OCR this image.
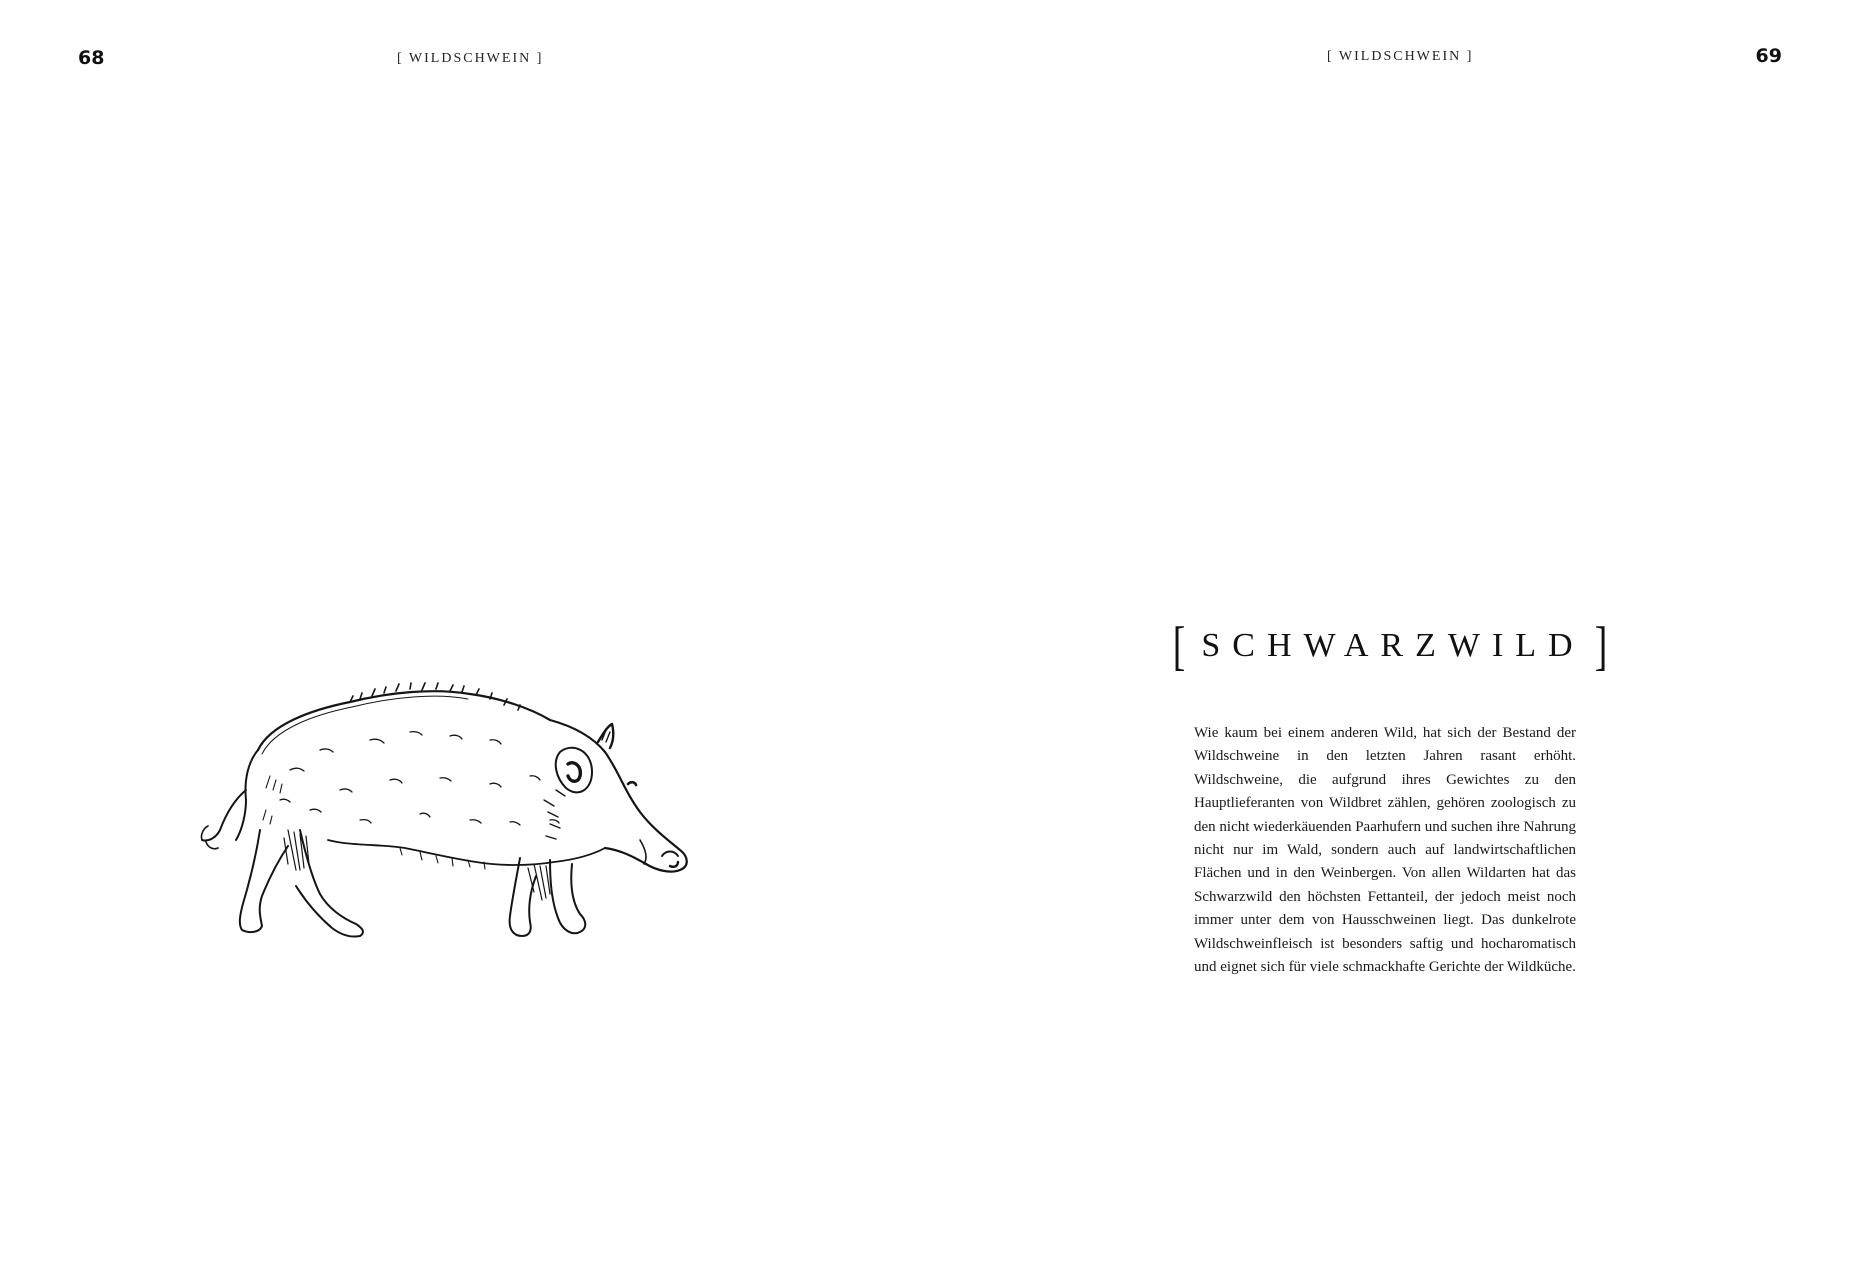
68	[ WILDSCHWEIN ]	[ WILDSCHWEIN ]	69
[ SCHWARZWILD ]

Wie kaum bei einem anderen Wild, hat sich der Bestand der Wildschweine in den letzten Jahren rasant erhöht. Wildschweine, die aufgrund ihres Gewichtes zu den Hauptlieferanten von Wildbret zählen, gehören zoologisch zu den nicht wiederkäuenden Paarhufern und suchen ihre Nahrung nicht nur im Wald, sondern auch auf landwirtschaftlichen Flächen und in den Weinbergen. Von allen Wildarten hat das Schwarzwild den höchsten Fettanteil, der jedoch meist noch immer unter dem von Hausschweinen liegt. Das dunkelrote Wildschweinfleisch ist besonders saftig und hocharomatisch und eignet sich für viele schmackhafte Gerichte der Wildküche.
